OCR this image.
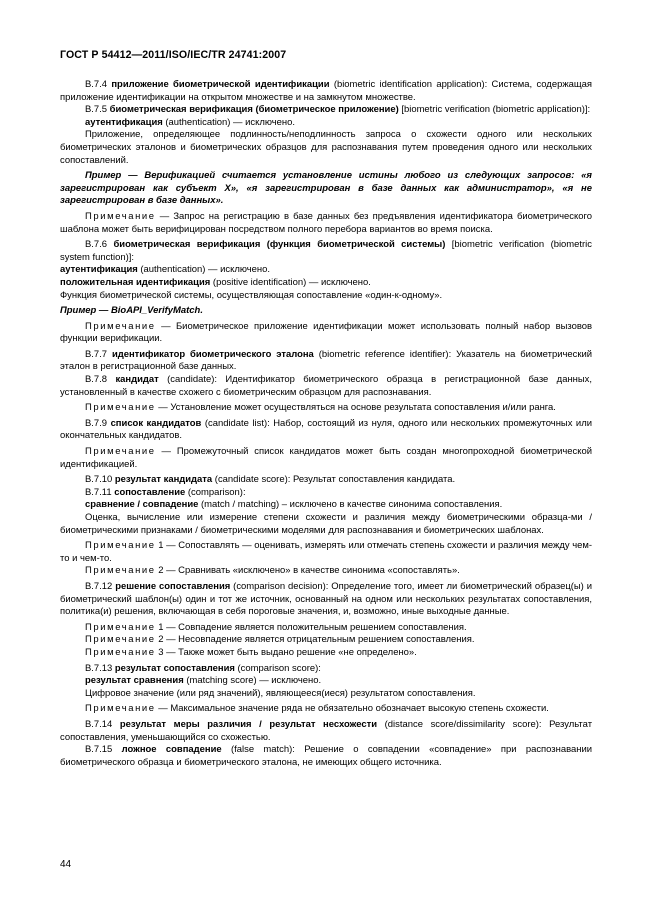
ГОСТ Р 54412—2011/ISO/IEC/TR 24741:2007

В.7.4 приложение биометрической идентификации (biometric identification application): Система, содержащая приложение идентификации на открытом множестве и на замкнутом множестве.

В.7.5 биометрическая верификация (биометрическое приложение) [biometric verification (biometric application)]:

аутентификация (authentication) — исключено.

Приложение, определяющее подлинность/неподлинность запроса о схожести одного или нескольких биометрических эталонов и биометрических образцов для распознавания путем проведения одного или нескольких сопоставлений.

Пример — Верификацией считается установление истины любого из следующих запросов: «я зарегистрирован как субъект Х», «я зарегистрирован в базе данных как администратор», «я не зарегистрирован в базе данных».

Примечание — Запрос на регистрацию в базе данных без предъявления идентификатора биометрического шаблона может быть верифицирован посредством полного перебора вариантов во время поиска.

В.7.6 биометрическая верификация (функция биометрической системы) [biometric verification (biometric system function)]:

аутентификация (authentication) — исключено.

положительная идентификация (positive identification) — исключено.

Функция биометрической системы, осуществляющая сопоставление «один-к-одному».

Пример — BioAPI_VerifyMatch.

Примечание — Биометрическое приложение идентификации может использовать полный набор вызовов функции верификации.

В.7.7 идентификатор биометрического эталона (biometric reference identifier): Указатель на биометрический эталон в регистрационной базе данных.

В.7.8 кандидат (candidate): Идентификатор биометрического образца в регистрационной базе данных, установленный в качестве схожего с биометрическим образцом для распознавания.

Примечание — Установление может осуществляться на основе результата сопоставления и/или ранга.

В.7.9 список кандидатов (candidate list): Набор, состоящий из нуля, одного или нескольких промежуточных или окончательных кандидатов.

Примечание — Промежуточный список кандидатов может быть создан многопроходной биометрической идентификацией.

В.7.10 результат кандидата (candidate score): Результат сопоставления кандидата.

В.7.11 сопоставление (comparison):

сравнение / совпадение (match / matching) – исключено в качестве синонима сопоставления.

Оценка, вычисление или измерение степени схожести и различия между биометрическими образца-ми / биометрическими признаками / биометрическими моделями для распознавания и биометрических шаблонах.

Примечание 1 — Сопоставлять — оценивать, измерять или отмечать степень схожести и различия между чем-то и чем-то.

Примечание 2 — Сравнивать «исключено» в качестве синонима «сопоставлять».

В.7.12 решение сопоставления (comparison decision): Определение того, имеет ли биометрический образец(ы) и биометрический шаблон(ы) один и тот же источник, основанный на одном или нескольких результатах сопоставления, политика(и) решения, включающая в себя пороговые значения, и, возможно, иные выходные данные.

Примечание 1 — Совпадение является положительным решением сопоставления.

Примечание 2 — Несовпадение является отрицательным решением сопоставления.

Примечание 3 — Также может быть выдано решение «не определено».

В.7.13 результат сопоставления (comparison score):

результат сравнения (matching score) — исключено.

Цифровое значение (или ряд значений), являющееся(иеся) результатом сопоставления.

Примечание — Максимальное значение ряда не обязательно обозначает высокую степень схожести.

В.7.14 результат меры различия / результат несхожести (distance score/dissimilarity score): Результат сопоставления, уменьшающийся со схожестью.

В.7.15 ложное совпадение (false match): Решение о совпадении «совпадение» при распознавании биометрического образца и биометрического эталона, не имеющих общего источника.

44
